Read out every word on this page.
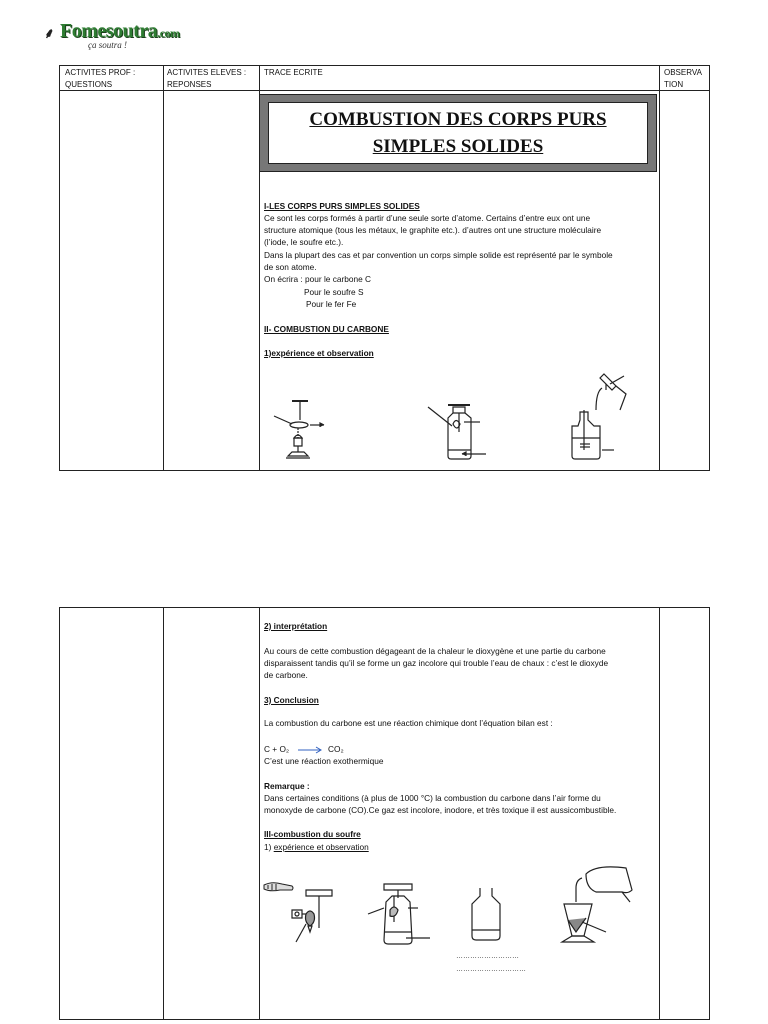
⸙ Fomesoutra.com
ça soutra !
ACTIVITES PROF :
QUESTIONS
ACTIVITES ELEVES :
REPONSES
TRACE ECRITE	OBSERVA
TION
COMBUSTION DES CORPS PURS SIMPLES SOLIDES
I-LES CORPS PURS SIMPLES SOLIDES
Ce sont les corps formés à partir d’une seule sorte d’atome. Certains d’entre eux ont une
structure atomique (tous les métaux, le graphite etc.). d’autres ont une structure moléculaire
(l’iode, le soufre etc.).
Dans la plupart des cas et par convention un corps simple solide est représenté par le symbole
de son atome.
On écrira : pour le carbone C
Pour le soufre S
Pour le fer Fe
II- COMBUSTION DU CARBONE
1)expérience et observation
2) interprétation
Au cours de cette combustion dégageant de la chaleur le dioxygène et une partie du carbone
disparaissent tandis qu’il se forme un gaz incolore qui trouble l’eau de chaux : c’est le dioxyde
de carbone.
3) Conclusion
La combustion du carbone est une réaction chimique dont l’équation bilan est :
C + O₂ → CO₂
C’est une réaction exothermique
Remarque :
Dans certaines conditions (à plus de 1000 °C) la combustion du carbone dans l’air forme du
monoxyde de carbone (CO).Ce gaz est incolore, inodore, et très toxique il est aussicombustible.
III-combustion du soufre
1) expérience et observation
………………………
…………………………
